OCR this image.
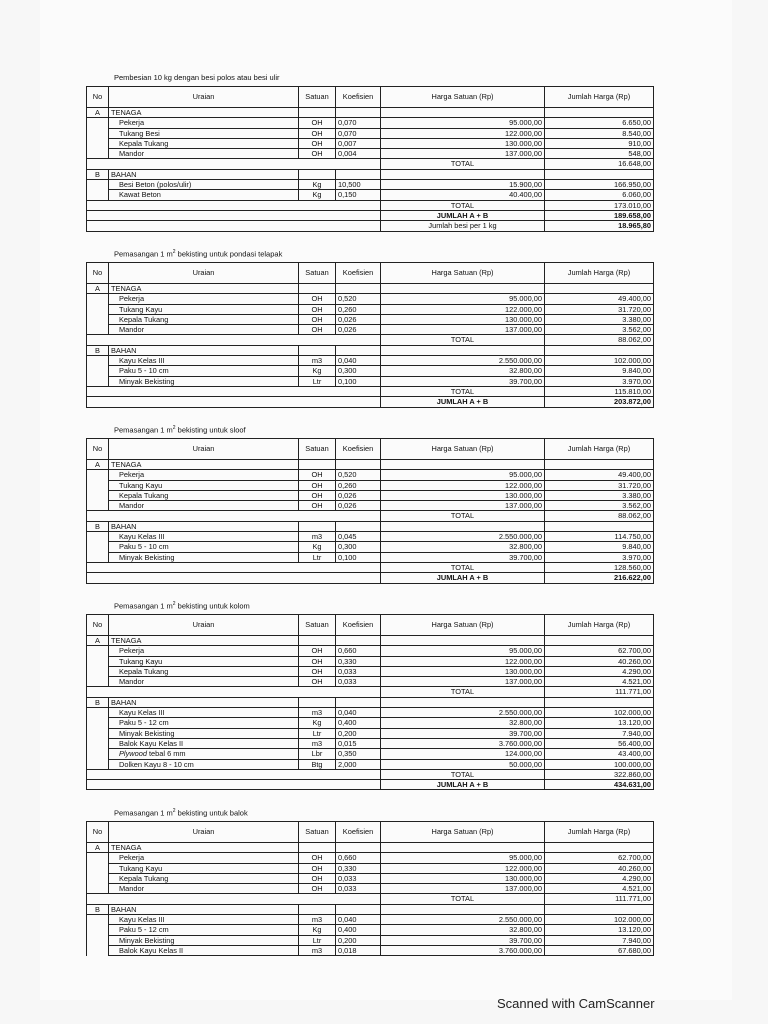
Pembesian 10 kg dengan besi polos atau besi ulir
No	Uraian	Satuan	Koefisien	Harga Satuan (Rp)	Jumlah Harga (Rp)
A	TENAGA				
	Pekerja	OH	0,070	95.000,00	6.650,00
	Tukang Besi	OH	0,070	122.000,00	8.540,00
	Kepala Tukang	OH	0,007	130.000,00	910,00
	Mandor	OH	0,004	137.000,00	548,00
				TOTAL	16.648,00
B	BAHAN				
	Besi Beton (polos/ulir)	Kg	10,500	15.900,00	166.950,00
	Kawat Beton	Kg	0,150	40.400,00	6.060,00
				TOTAL	173.010,00
				JUMLAH A + B	189.658,00
				Jumlah besi per 1 kg	18.965,80
Pemasangan 1 $m^2$ bekisting untuk pondasi telapak
No	Uraian	Satuan	Koefisien	Harga Satuan (Rp)	Jumlah Harga (Rp)
A	TENAGA				
	Pekerja	OH	0,520	95.000,00	49.400,00
	Tukang Kayu	OH	0,260	122.000,00	31.720,00
	Kepala Tukang	OH	0,026	130.000,00	3.380,00
	Mandor	OH	0,026	137.000,00	3.562,00
				TOTAL	88.062,00
B	BAHAN				
	Kayu Kelas III	m3	0,040	2.550.000,00	102.000,00
	Paku 5 - 10 cm	Kg	0,300	32.800,00	9.840,00
	Minyak Bekisting	Ltr	0,100	39.700,00	3.970,00
				TOTAL	115.810,00
				JUMLAH A + B	203.872,00
Pemasangan 1 $m^2$ bekisting untuk sloof
No	Uraian	Satuan	Koefisien	Harga Satuan (Rp)	Jumlah Harga (Rp)
A	TENAGA				
	Pekerja	OH	0,520	95.000,00	49.400,00
	Tukang Kayu	OH	0,260	122.000,00	31.720,00
	Kepala Tukang	OH	0,026	130.000,00	3.380,00
	Mandor	OH	0,026	137.000,00	3.562,00
				TOTAL	88.062,00
B	BAHAN				
	Kayu Kelas III	m3	0,045	2.550.000,00	114.750,00
	Paku 5 - 10 cm	Kg	0,300	32.800,00	9.840,00
	Minyak Bekisting	Ltr	0,100	39.700,00	3.970,00
				TOTAL	128.560,00
				JUMLAH A + B	216.622,00
Pemasangan 1 $m^2$ bekisting untuk kolom
No	Uraian	Satuan	Koefisien	Harga Satuan (Rp)	Jumlah Harga (Rp)
A	TENAGA				
	Pekerja	OH	0,660	95.000,00	62.700,00
	Tukang Kayu	OH	0,330	122.000,00	40.260,00
	Kepala Tukang	OH	0,033	130.000,00	4.290,00
	Mandor	OH	0,033	137.000,00	4.521,00
				TOTAL	111.771,00
B	BAHAN				
	Kayu Kelas III	m3	0,040	2.550.000,00	102.000,00
	Paku 5 - 12 cm	Kg	0,400	32.800,00	13.120,00
	Minyak Bekisting	Ltr	0,200	39.700,00	7.940,00
	Balok Kayu Kelas II	m3	0,015	3.760.000,00	56.400,00
	Plywood tebal 6 mm	Lbr	0,350	124.000,00	43.400,00
	Dolken Kayu 8 - 10 cm	Btg	2,000	50.000,00	100.000,00
				TOTAL	322.860,00
				JUMLAH A + B	434.631,00
Pemasangan 1 $m^2$ bekisting untuk balok
No	Uraian	Satuan	Koefisien	Harga Satuan (Rp)	Jumlah Harga (Rp)
A	TENAGA				
	Pekerja	OH	0,660	95.000,00	62.700,00
	Tukang Kayu	OH	0,330	122.000,00	40.260,00
	Kepala Tukang	OH	0,033	130.000,00	4.290,00
	Mandor	OH	0,033	137.000,00	4.521,00
				TOTAL	111.771,00
B	BAHAN				
	Kayu Kelas III	m3	0,040	2.550.000,00	102.000,00
	Paku 5 - 12 cm	Kg	0,400	32.800,00	13.120,00
	Minyak Bekisting	Ltr	0,200	39.700,00	7.940,00
	Balok Kayu Kelas II	m3	0,018	3.760.000,00	67.680,00
Scanned with CamScanner
